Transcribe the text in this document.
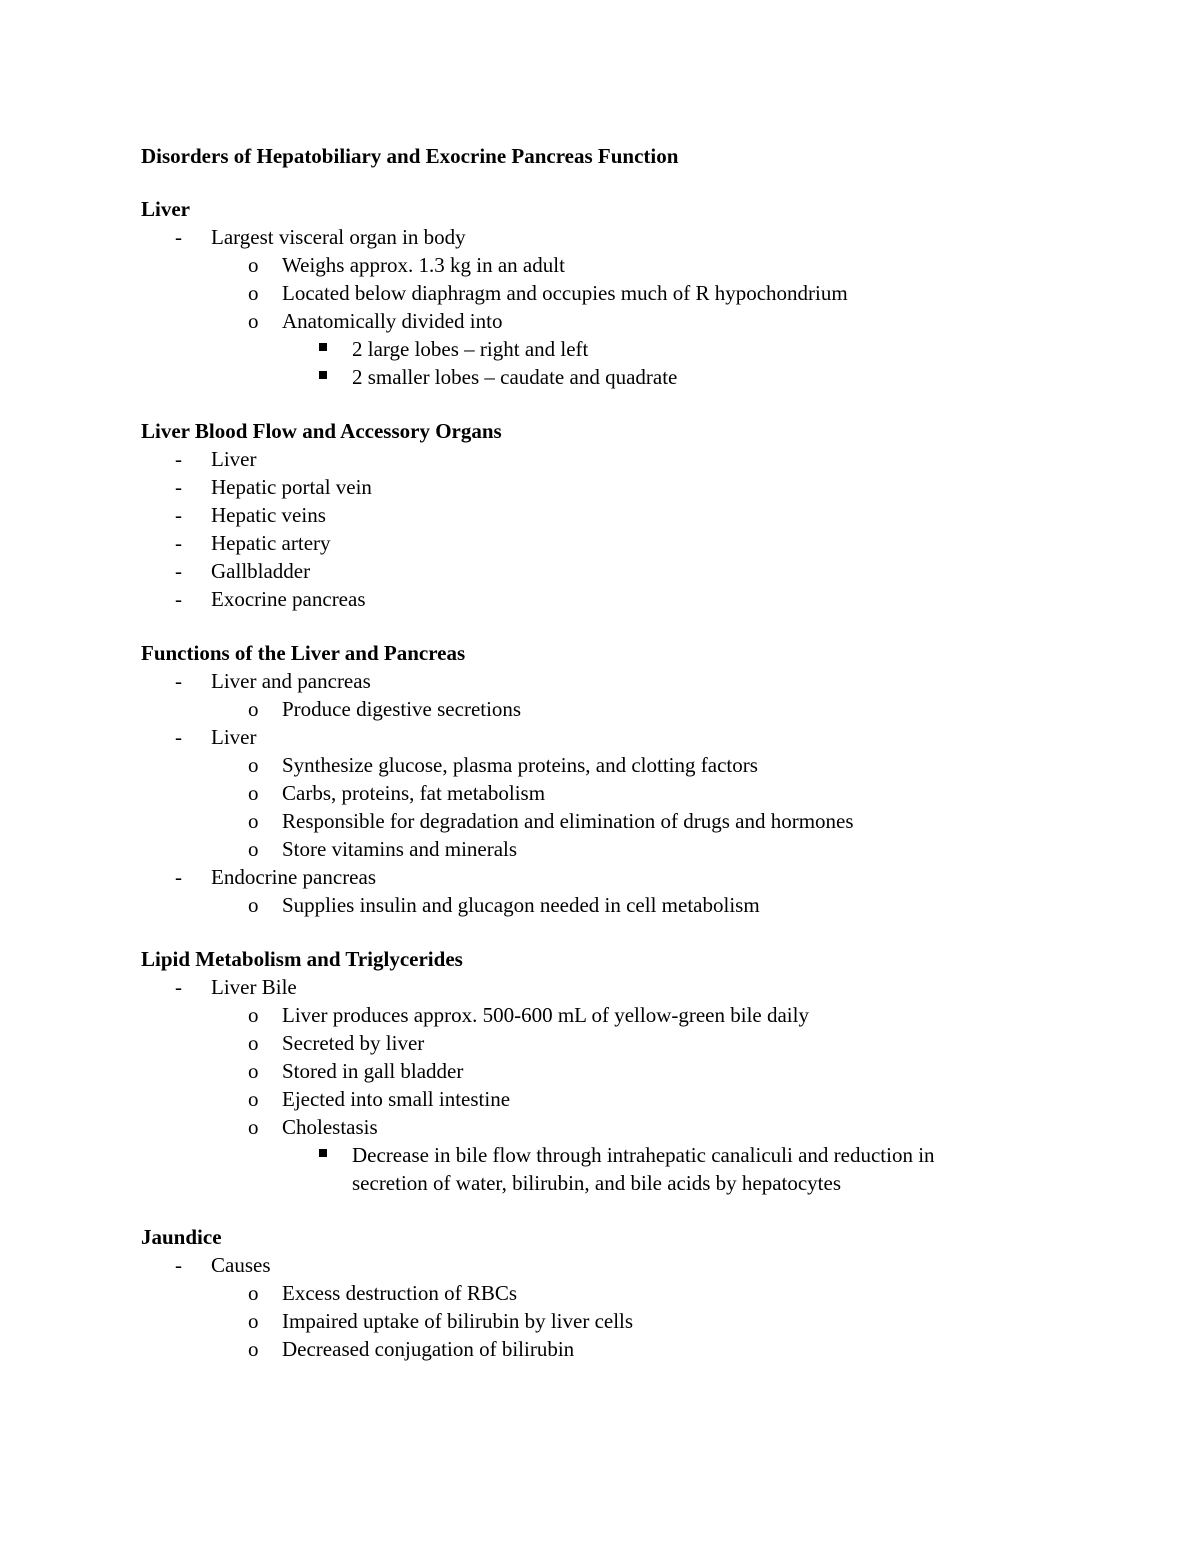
Disorders of Hepatobiliary and Exocrine Pancreas Function
Liver
- Largest visceral organ in body
o Weighs approx. 1.3 kg in an adult
o Located below diaphragm and occupies much of R hypochondrium
o Anatomically divided into
2 large lobes – right and left
2 smaller lobes – caudate and quadrate
Liver Blood Flow and Accessory Organs
- Liver
- Hepatic portal vein
- Hepatic veins
- Hepatic artery
- Gallbladder
- Exocrine pancreas
Functions of the Liver and Pancreas
- Liver and pancreas
o Produce digestive secretions
- Liver
o Synthesize glucose, plasma proteins, and clotting factors
o Carbs, proteins, fat metabolism
o Responsible for degradation and elimination of drugs and hormones
o Store vitamins and minerals
- Endocrine pancreas
o Supplies insulin and glucagon needed in cell metabolism
Lipid Metabolism and Triglycerides
- Liver Bile
o Liver produces approx. 500-600 mL of yellow-green bile daily
o Secreted by liver
o Stored in gall bladder
o Ejected into small intestine
o Cholestasis
Decrease in bile flow through intrahepatic canaliculi and reduction in secretion of water, bilirubin, and bile acids by hepatocytes
Jaundice
- Causes
o Excess destruction of RBCs
o Impaired uptake of bilirubin by liver cells
o Decreased conjugation of bilirubin
